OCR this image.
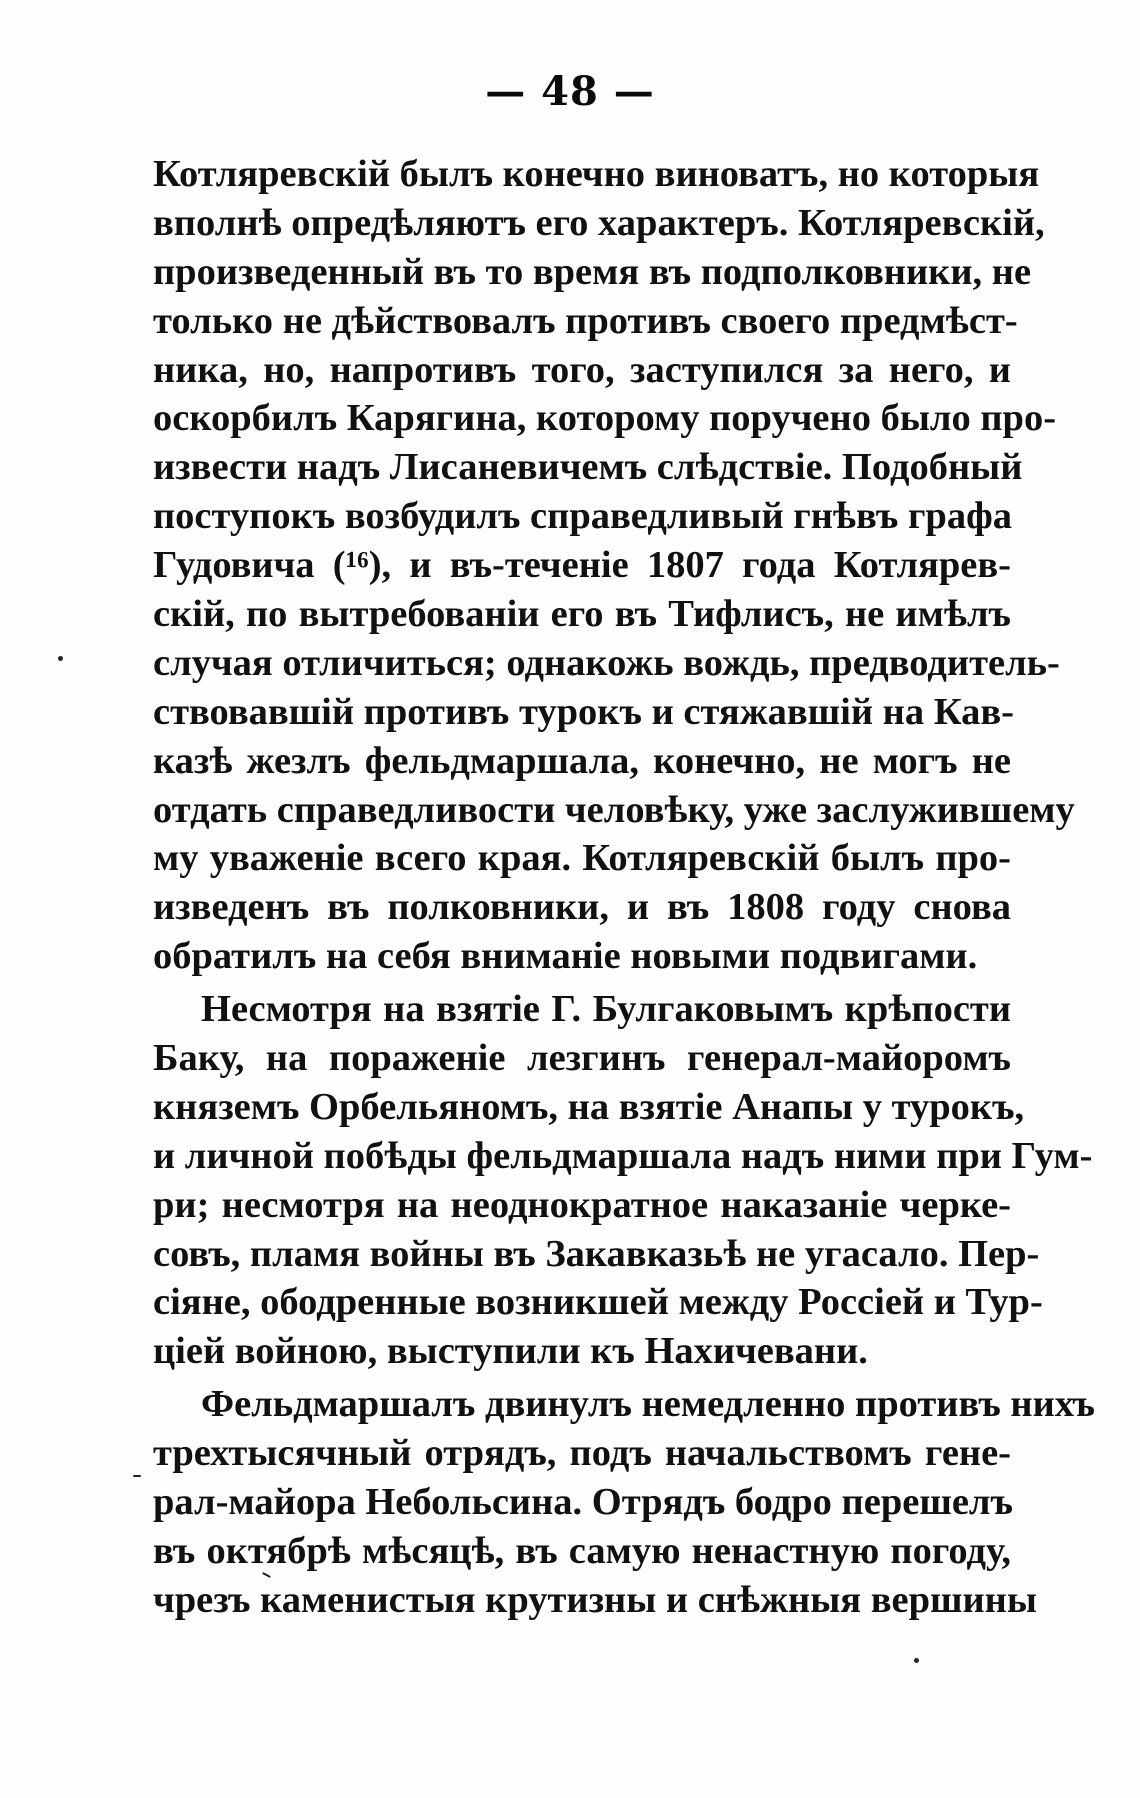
— 48 —
Котляревскій былъ конечно виноватъ, но которыя
вполнѣ опредѣляютъ его характеръ. Котляревскій,
произведенный въ то время въ подполковники, не
только не дѣйствовалъ противъ своего предмѣст-
ника, но, напротивъ того, заступился за него, и
оскорбилъ Карягина, которому поручено было про-
извести надъ Лисаневичемъ слѣдствіе. Подобный
поступокъ возбудилъ справедливый гнѣвъ графа
Гудовича (¹⁶), и въ-теченіе 1807 года Котлярев-
скій, по вытребованіи его въ Тифлисъ, не имѣлъ
случая отличиться; однакожь вождь, предводитель-
ствовавшій противъ турокъ и стяжавшій на Кав-
казѣ жезлъ фельдмаршала, конечно, не могъ не
отдать справедливости человѣку, уже заслужившему
му уваженіе всего края. Котляревскій былъ про-
изведенъ въ полковники, и въ 1808 году снова
обратилъ на себя вниманіе новыми подвигами.
Несмотря на взятіе Г. Булгаковымъ крѣпости
Баку, на пораженіе лезгинъ генерал-майоромъ
княземъ Орбельяномъ, на взятіе Анапы у турокъ,
и личной побѣды фельдмаршала надъ ними при Гум-
ри; несмотря на неоднократное наказаніе черке-
совъ, пламя войны въ Закавказьѣ не угасало. Пер-
сіяне, ободренные возникшей между Россіей и Тур-
ціей войною, выступили къ Нахичевани.
Фельдмаршалъ двинулъ немедленно противъ нихъ
трехтысячный отрядъ, подъ начальствомъ гене-
рал-майора Небольсина. Отрядъ бодро перешелъ
въ октябрѣ мѣсяцѣ, въ самую ненастную погоду,
чрезъ каменистыя крутизны и снѣжныя вершины
